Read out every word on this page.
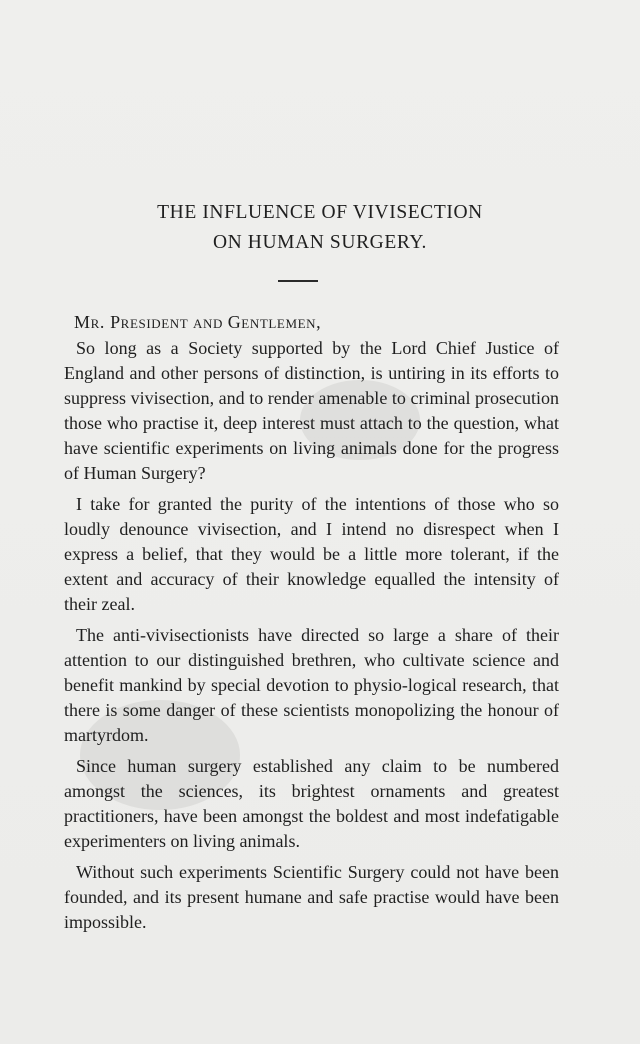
THE INFLUENCE OF VIVISECTION
ON HUMAN SURGERY.
Mr. President and Gentlemen,

So long as a Society supported by the Lord Chief Justice of England and other persons of distinction, is untiring in its efforts to suppress vivisection, and to render amenable to criminal prosecution those who practise it, deep interest must attach to the question, what have scientific experiments on living animals done for the progress of Human Surgery?

I take for granted the purity of the intentions of those who so loudly denounce vivisection, and I intend no disrespect when I express a belief, that they would be a little more tolerant, if the extent and accuracy of their knowledge equalled the intensity of their zeal.

The anti-vivisectionists have directed so large a share of their attention to our distinguished brethren, who cultivate science and benefit mankind by special devotion to physio-logical research, that there is some danger of these scientists monopolizing the honour of martyrdom.

Since human surgery established any claim to be numbered amongst the sciences, its brightest ornaments and greatest practitioners, have been amongst the boldest and most indefatigable experimenters on living animals.

Without such experiments Scientific Surgery could not have been founded, and its present humane and safe practise would have been impossible.
